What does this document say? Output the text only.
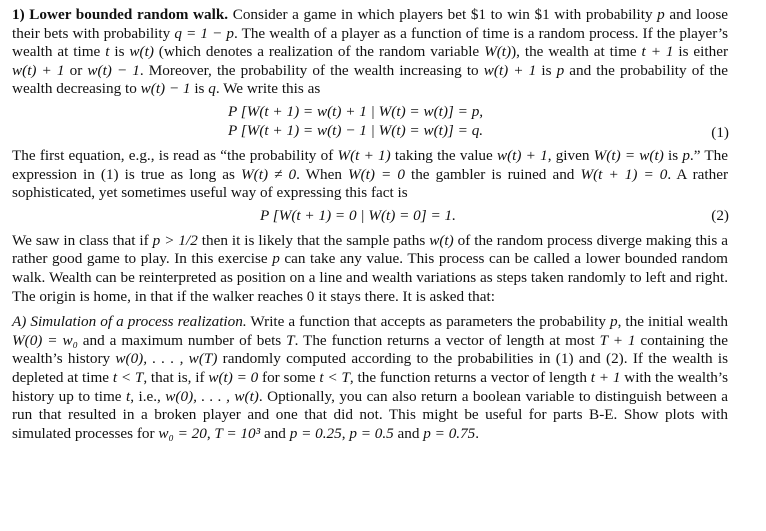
1) Lower bounded random walk. Consider a game in which players bet $1 to win $1 with probability p and loose their bets with probability q = 1 − p. The wealth of a player as a function of time is a random process. If the player’s wealth at time t is w(t) (which denotes a realization of the random variable W(t)), the wealth at time t + 1 is either w(t) + 1 or w(t) − 1. Moreover, the probability of the wealth increasing to w(t) + 1 is p and the probability of the wealth decreasing to w(t) − 1 is q. We write this as

P [W(t + 1) = w(t) + 1 | W(t) = w(t)] = p,
P [W(t + 1) = w(t) − 1 | W(t) = w(t)] = q.	(1)

The first equation, e.g., is read as “the probability of W(t + 1) taking the value w(t) + 1, given W(t) = w(t) is p.” The expression in (1) is true as long as W(t) ≠ 0. When W(t) = 0 the gambler is ruined and W(t + 1) = 0. A rather sophisticated, yet sometimes useful way of expressing this fact is

P [W(t + 1) = 0 | W(t) = 0] = 1.	(2)

We saw in class that if p > 1/2 then it is likely that the sample paths w(t) of the random process diverge making this a rather good game to play. In this exercise p can take any value. This process can be called a lower bounded random walk. Wealth can be reinterpreted as position on a line and wealth variations as steps taken randomly to left and right. The origin is home, in that if the walker reaches 0 it stays there. It is asked that:

A) Simulation of a process realization. Write a function that accepts as parameters the probability p, the initial wealth W(0) = w₀ and a maximum number of bets T. The function returns a vector of length at most T + 1 containing the wealth’s history w(0), . . . , w(T) randomly computed according to the probabilities in (1) and (2). If the wealth is depleted at time t < T, that is, if w(t) = 0 for some t < T, the function returns a vector of length t + 1 with the wealth’s history up to time t, i.e., w(0), . . . , w(t). Optionally, you can also return a boolean variable to distinguish between a run that resulted in a broken player and one that did not. This might be useful for parts B-E. Show plots with simulated processes for w₀ = 20, T = 10³ and p = 0.25, p = 0.5 and p = 0.75.
